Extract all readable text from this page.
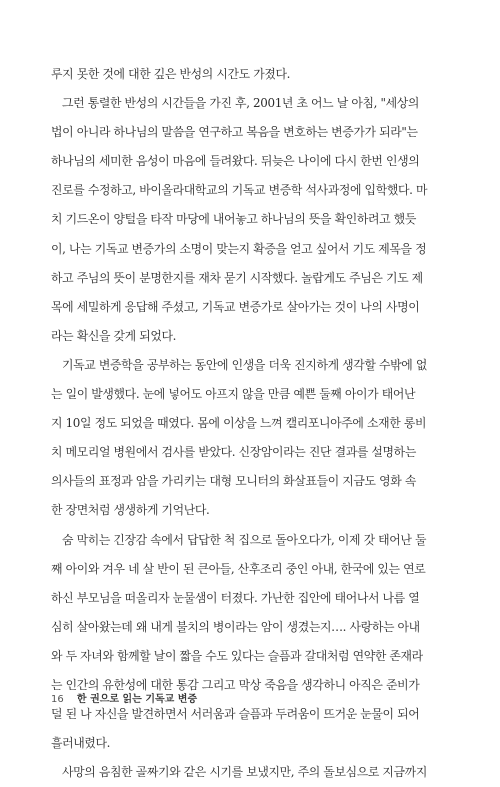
루지 못한 것에 대한 깊은 반성의 시간도 가졌다.
그런 통렬한 반성의 시간들을 가진 후, 2001년 초 어느 날 아침, "세상의
법이 아니라 하나님의 말씀을 연구하고 복음을 변호하는 변증가가 되라"는
하나님의 세미한 음성이 마음에 들려왔다. 뒤늦은 나이에 다시 한번 인생의
진로를 수정하고, 바이올라대학교의 기독교 변증학 석사과정에 입학했다. 마
치 기드온이 양털을 타작 마당에 내어놓고 하나님의 뜻을 확인하려고 했듯
이, 나는 기독교 변증가의 소명이 맞는지 확증을 얻고 싶어서 기도 제목을 정
하고 주님의 뜻이 분명한지를 재차 묻기 시작했다. 놀랍게도 주님은 기도 제
목에 세밀하게 응답해 주셨고, 기독교 변증가로 살아가는 것이 나의 사명이
라는 확신을 갖게 되었다.
기독교 변증학을 공부하는 동안에 인생을 더욱 진지하게 생각할 수밖에 없
는 일이 발생했다. 눈에 넣어도 아프지 않을 만큼 예쁜 둘째 아이가 태어난
지 10일 정도 되었을 때였다. 몸에 이상을 느껴 캘리포니아주에 소재한 롱비
치 메모리얼 병원에서 검사를 받았다. 신장암이라는 진단 결과를 설명하는
의사들의 표정과 암을 가리키는 대형 모니터의 화살표들이 지금도 영화 속
한 장면처럼 생생하게 기억난다.
숨 막히는 긴장감 속에서 답답한 척 집으로 돌아오다가, 이제 갓 태어난 둘
째 아이와 겨우 네 살 반이 된 큰아들, 산후조리 중인 아내, 한국에 있는 연로
하신 부모님을 떠올리자 눈물샘이 터졌다. 가난한 집안에 태어나서 나름 열
심히 살아왔는데 왜 내게 불치의 병이라는 암이 생겼는지…. 사랑하는 아내
와 두 자녀와 함께할 날이 짧을 수도 있다는 슬픔과 갈대처럼 연약한 존재라
는 인간의 유한성에 대한 통감 그리고 막상 죽음을 생각하니 아직은 준비가
덜 된 나 자신을 발견하면서 서러움과 슬픔과 두려움이 뜨거운 눈물이 되어
흘러내렸다.
사망의 음침한 골짜기와 같은 시기를 보냈지만, 주의 돌보심으로 지금까지
16 한 권으로 읽는 기독교 변증
